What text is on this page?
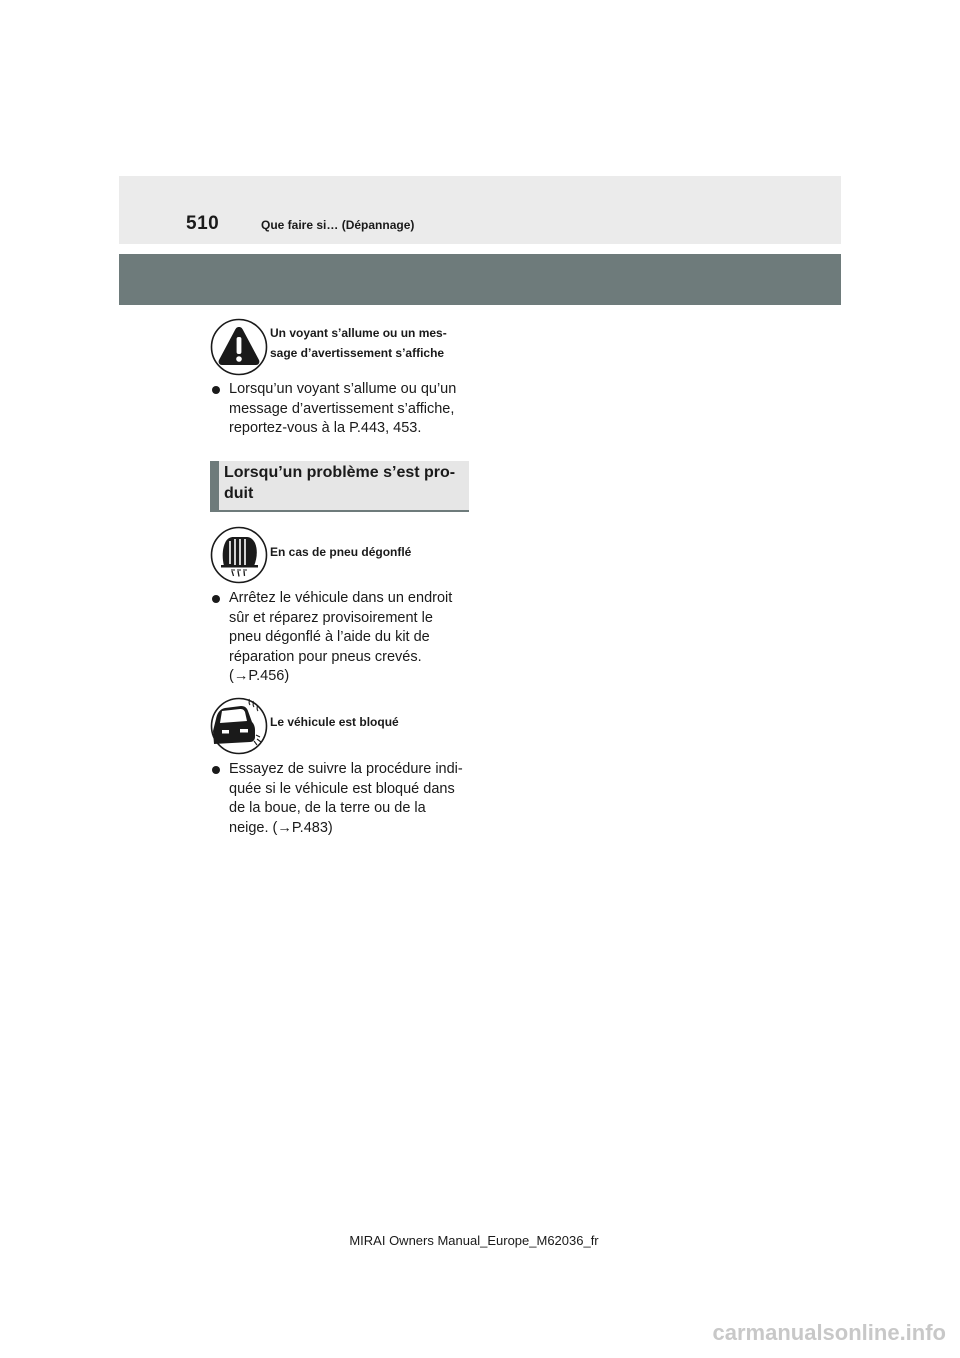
510	Que faire si… (Dépannage)
Un voyant s’allume ou un mes-
sage d’avertissement s’affiche
Lorsqu’un voyant s’allume ou qu’un
message d’avertissement s’affiche,
reportez-vous à la P.443, 453.
Lorsqu’un problème s’est pro-
duit
En cas de pneu dégonflé
Arrêtez le véhicule dans un endroit
sûr et réparez provisoirement le
pneu dégonflé à l’aide du kit de
réparation pour pneus crevés.
(→P.456)
Le véhicule est bloqué
Essayez de suivre la procédure indi-
quée si le véhicule est bloqué dans
de la boue, de la terre ou de la
neige. (→P.483)
MIRAI Owners Manual_Europe_M62036_fr
carmanualsonline.info
